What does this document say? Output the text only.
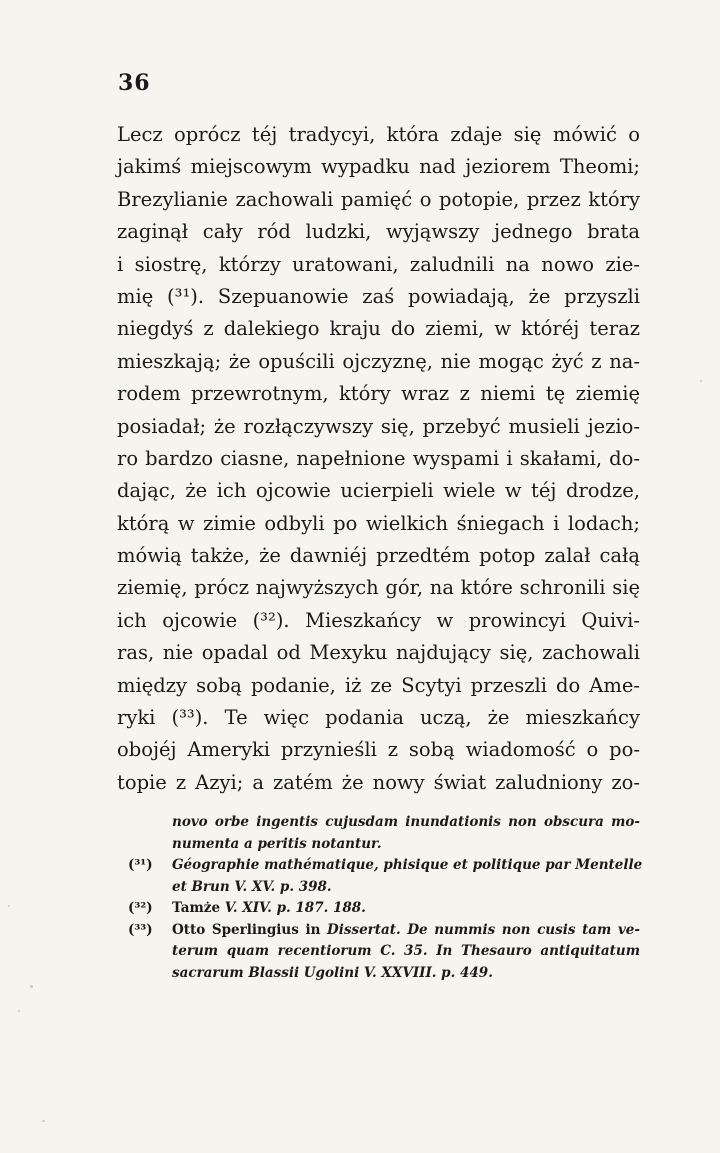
36
Lecz oprócz téj tradycyi, która zdaje się mówić o
jakimś miejscowym wypadku nad jeziorem Theomi;
Brezylianie zachowali pamięć o potopie, przez który
zaginął cały ród ludzki, wyjąwszy jednego brata
i siostrę, którzy uratowani, zaludnili na nowo zie-
mię (³¹). Szepuanowie zaś powiadają, że przyszli
niegdyś z dalekiego kraju do ziemi, w któréj teraz
mieszkają; że opuścili ojczyznę, nie mogąc żyć z na-
rodem przewrotnym, który wraz z niemi tę ziemię
posiadał; że rozłączywszy się, przebyć musieli jezio-
ro bardzo ciasne, napełnione wyspami i skałami, do-
dając, że ich ojcowie ucierpieli wiele w téj drodze,
którą w zimie odbyli po wielkich śniegach i lodach;
mówią także, że dawniéj przedtém potop zalał całą
ziemię, prócz najwyższych gór, na które schronili się
ich ojcowie (³²). Mieszkańcy w prowincyi Quivi-
ras, nie opadal od Mexyku najdujący się, zachowali
między sobą podanie, iż ze Scytyi przeszli do Ame-
ryki (³³). Te więc podania uczą, że mieszkańcy
obojéj Ameryki przynieśli z sobą wiadomość o po-
topie z Azyi; a zatém że nowy świat zaludniony zo-
novo orbe ingentis cujusdam inundationis non obscura mo-
numenta a peritis notantur.
(³¹) Géographie mathématique, phisique et politique par Mentelle
et Brun V. XV. p. 398.
(³²) Tamże V. XIV. p. 187. 188.
(³³) Otto Sperlingius in Dissertat. De nummis non cusis tam ve-
terum quam recentiorum C. 35. In Thesauro antiquitatum
sacrarum Blassii Ugolini V. XXVIII. p. 449.
